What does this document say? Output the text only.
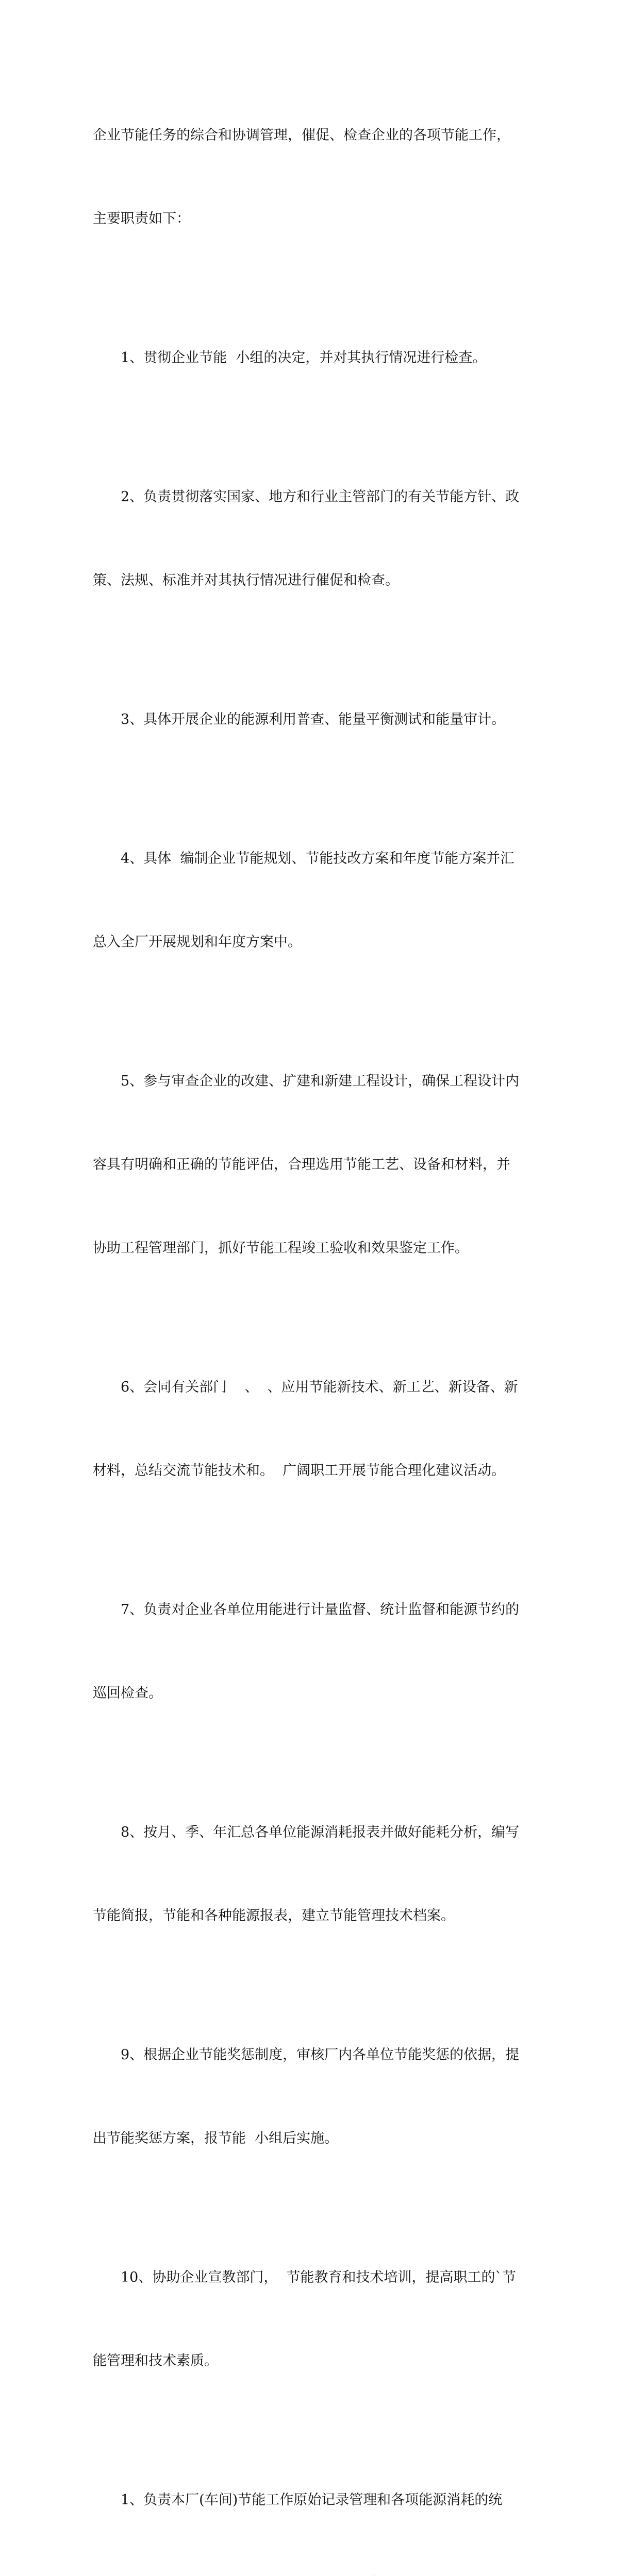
企业节能任务的综合和协调管理，催促、检查企业的各项节能工作，

主要职责如下：

1、贯彻企业节能  小组的决定，并对其执行情况进行检查。

2、负责贯彻落实国家、地方和行业主管部门的有关节能方针、政

策、法规、标准并对其执行情况进行催促和检查。

3、具体开展企业的能源利用普查、能量平衡测试和能量审计。

4、具体  编制企业节能规划、节能技改方案和年度节能方案并汇

总入全厂开展规划和年度方案中。

5、参与审查企业的改建、扩建和新建工程设计，确保工程设计内

容具有明确和正确的节能评估，合理选用节能工艺、设备和材料，并

协助工程管理部门，抓好节能工程竣工验收和效果鉴定工作。

6、会同有关部门    、  、应用节能新技术、新工艺、新设备、新

材料，总结交流节能技术和。  广阔职工开展节能合理化建议活动。

7、负责对企业各单位用能进行计量监督、统计监督和能源节约的

巡回检查。

8、按月、季、年汇总各单位能源消耗报表并做好能耗分析，编写

节能简报，节能和各种能源报表，建立节能管理技术档案。

9、根据企业节能奖惩制度，审核厂内各单位节能奖惩的依据，提

出节能奖惩方案，报节能  小组后实施。

10、协助企业宣教部门，  节能教育和技术培训，提高职工的`节

能管理和技术素质。

1、负责本厂(车间)节能工作原始记录管理和各项能源消耗的统
